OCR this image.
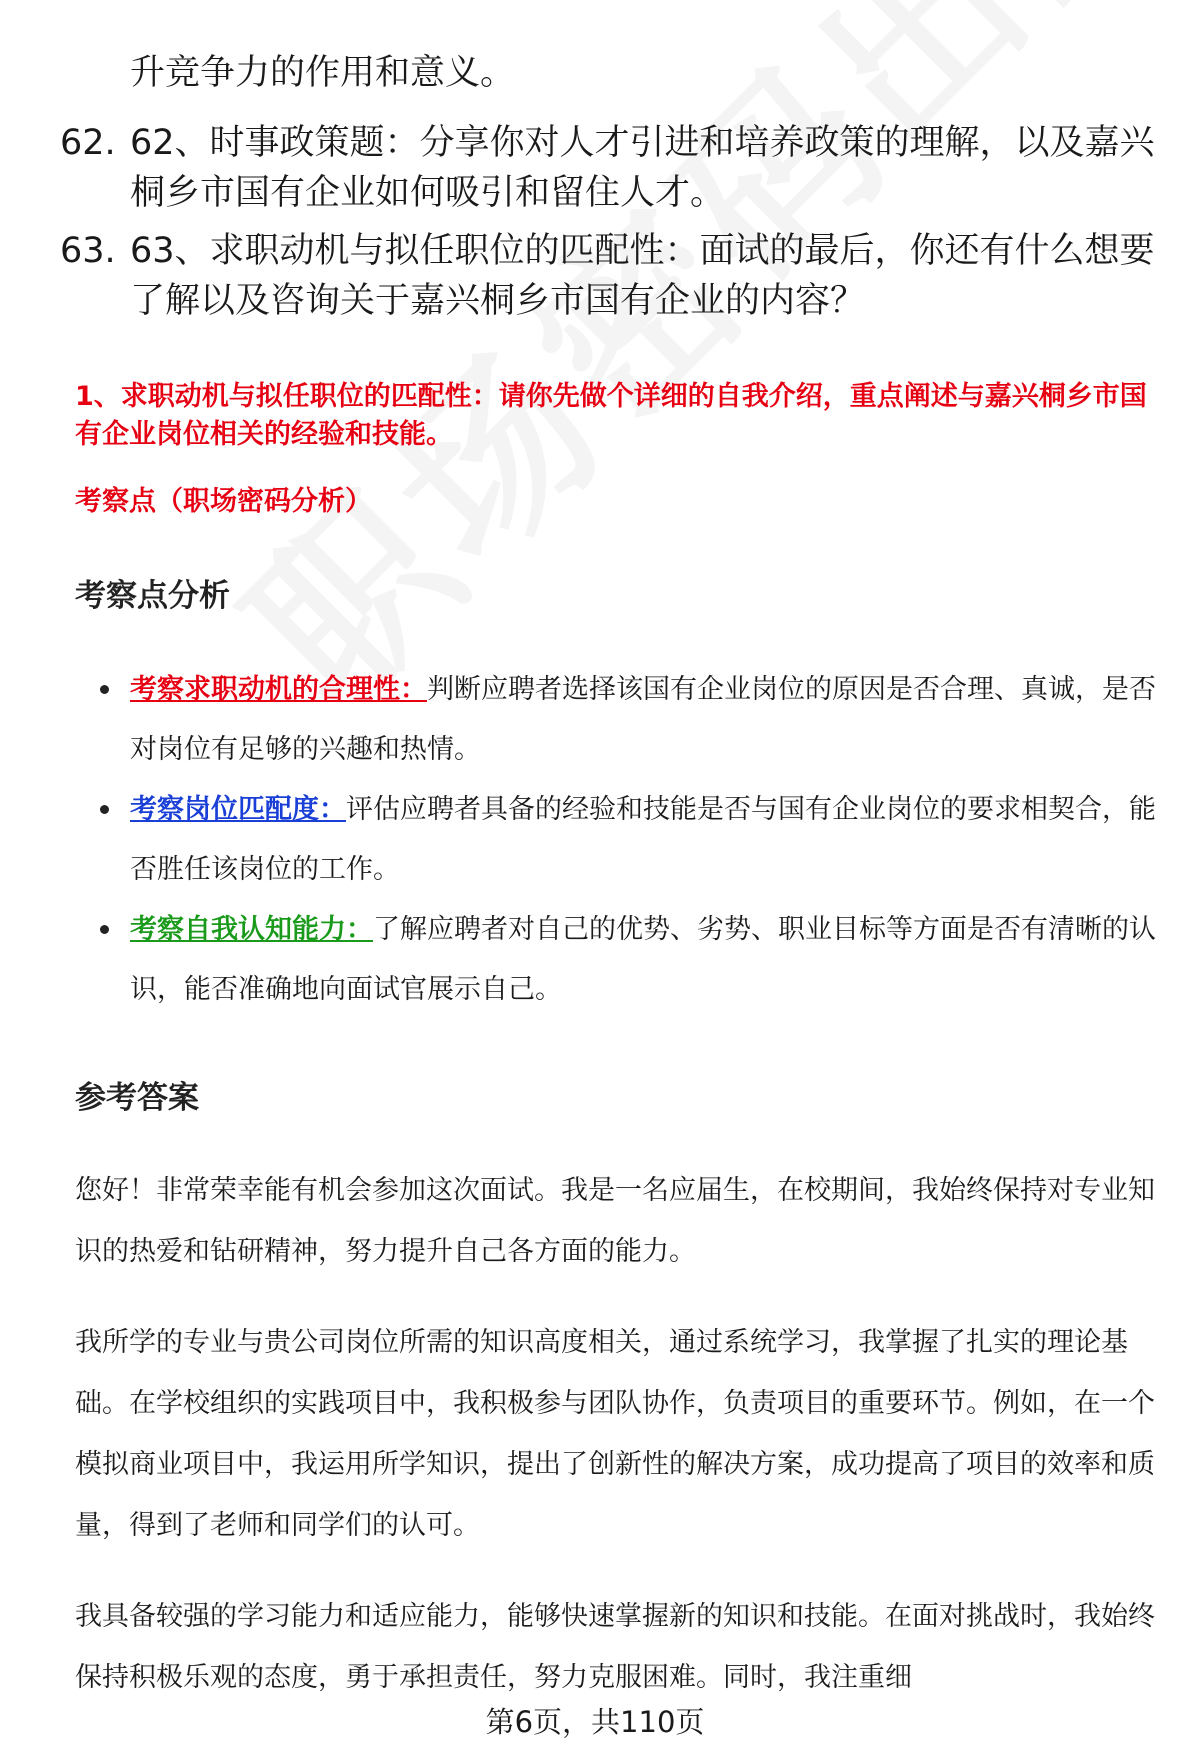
升竞争力的作用和意义。
62. 62、时事政策题：分享你对人才引进和培养政策的理解，以及嘉兴桐乡市国有企业如何吸引和留住人才。
63. 63、求职动机与拟任职位的匹配性：面试的最后，你还有什么想要了解以及咨询关于嘉兴桐乡市国有企业的内容？
1、求职动机与拟任职位的匹配性：请你先做个详细的自我介绍，重点阐述与嘉兴桐乡市国有企业岗位相关的经验和技能。
考察点（职场密码分析）
考察点分析
考察求职动机的合理性：判断应聘者选择该国有企业岗位的原因是否合理、真诚，是否对岗位有足够的兴趣和热情。
考察岗位匹配度：评估应聘者具备的经验和技能是否与国有企业岗位的要求相契合，能否胜任该岗位的工作。
考察自我认知能力：了解应聘者对自己的优势、劣势、职业目标等方面是否有清晰的认识，能否准确地向面试官展示自己。
参考答案
您好！非常荣幸能有机会参加这次面试。我是一名应届生，在校期间，我始终保持对专业知识的热爱和钻研精神，努力提升自己各方面的能力。
我所学的专业与贵公司岗位所需的知识高度相关，通过系统学习，我掌握了扎实的理论基础。在学校组织的实践项目中，我积极参与团队协作，负责项目的重要环节。例如，在一个模拟商业项目中，我运用所学知识，提出了创新性的解决方案，成功提高了项目的效率和质量，得到了老师和同学们的认可。
我具备较强的学习能力和适应能力，能够快速掌握新的知识和技能。在面对挑战时，我始终保持积极乐观的态度，勇于承担责任，努力克服困难。同时，我注重细
第6页，共110页
